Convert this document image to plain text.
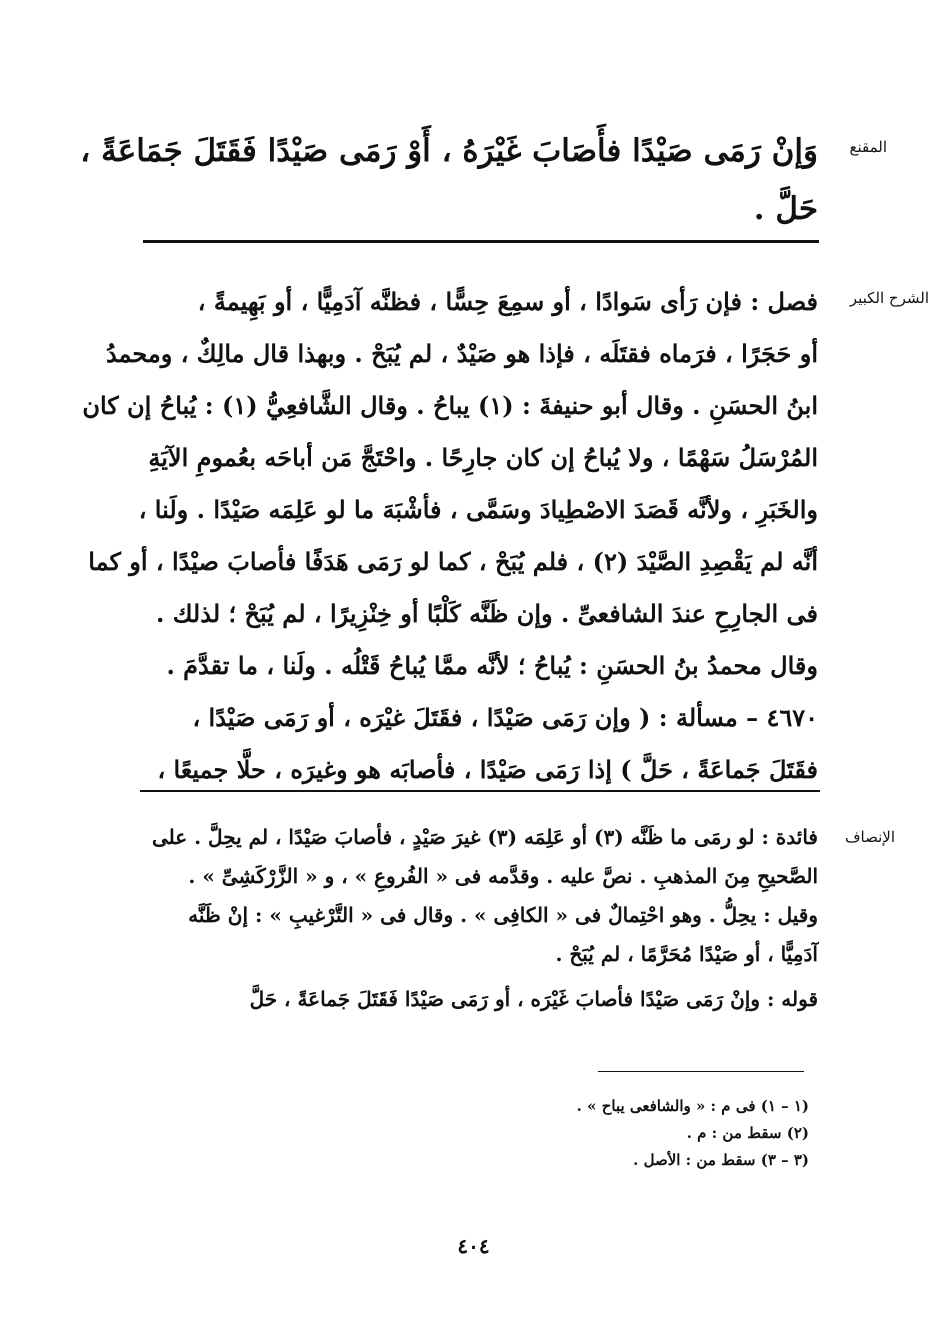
المقنع
الشرح الكبير
الإنصاف
وَإنْ رَمَى صَيْدًا فأَصَابَ غَيْرَهُ ، أَوْ رَمَى صَيْدًا فَقَتَلَ جَمَاعَةً ،
حَلَّ .
فصل : فإن رَأى سَوادًا ، أو سمِعَ حِسًّا ، فظنَّه آدَمِيًّا ، أو بَهِيمةً ،
أو حَجَرًا ، فرَماه فقتَلَه ، فإذا هو صَيْدٌ ، لم يُبَحْ . وبهذا قال مالِكٌ ، ومحمدُ
ابنُ الحسَنِ . وقال أبو حنيفةَ : (١) يباحُ . وقال الشَّافعِيُّ (١) : يُباحُ إن كان
المُرْسَلُ سَهْمًا ، ولا يُباحُ إن كان جارِحًا . واحْتَجَّ مَن أباحَه بعُمومِ الآيَةِ
والخَبَرِ ، ولأنَّه قَصَدَ الاصْطِيادَ وسَمَّى ، فأشْبَهَ ما لو عَلِمَه صَيْدًا . ولَنا ،
أنَّه لم يَقْصِدِ الصَّيْدَ (٢) ، فلم يُبَحْ ، كما لو رَمَى هَدَفًا فأصابَ صيْدًا ، أو كما
فى الجارِحِ عندَ الشافعىِّ . وإن ظَنَّه كَلْبًا أو خِنْزِيرًا ، لم يُبَحْ ؛ لذلك .
وقال محمدُ بنُ الحسَنِ : يُباحُ ؛ لأنَّه ممَّا يُباحُ قَتْلُه . ولَنا ، ما تقدَّمَ .
٤٦٧٠ – مسألة : ( وإن رَمَى صَيْدًا ، فقَتَلَ غيْرَه ، أو رَمَى صَيْدًا ،
فقَتَلَ جَماعَةً ، حَلَّ ) إذا رَمَى صَيْدًا ، فأصابَه هو وغيرَه ، حلَّا جميعًا ،
فائدة : لو رمَى ما ظَنَّه (٣) أو عَلِمَه (٣) غيرَ صَيْدٍ ، فأصابَ صَيْدًا ، لم يحِلَّ . على
الصَّحيحِ مِنَ المذهبِ . نصَّ عليه . وقدَّمه فى « الفُروعِ » ، و « الزَّرْكَشِىِّ » .
وقيل : يحِلُّ . وهو احْتِمالٌ فى « الكافِى » . وقال فى « التَّرْغيبِ » : إنْ ظَنَّه
آدَمِيًّا ، أو صَيْدًا مُحَرَّمًا ، لم يُبَحْ .
قوله : وإنْ رَمَى صَيْدًا فأصابَ غَيْرَه ، أو رَمَى صَيْدًا فَقَتَلَ جَماعَةً ، حَلَّ
(١ – ١) فى م : « والشافعى يباح » .
(٢) سقط من : م .
(٣ – ٣) سقط من : الأصل .
٤٠٤
